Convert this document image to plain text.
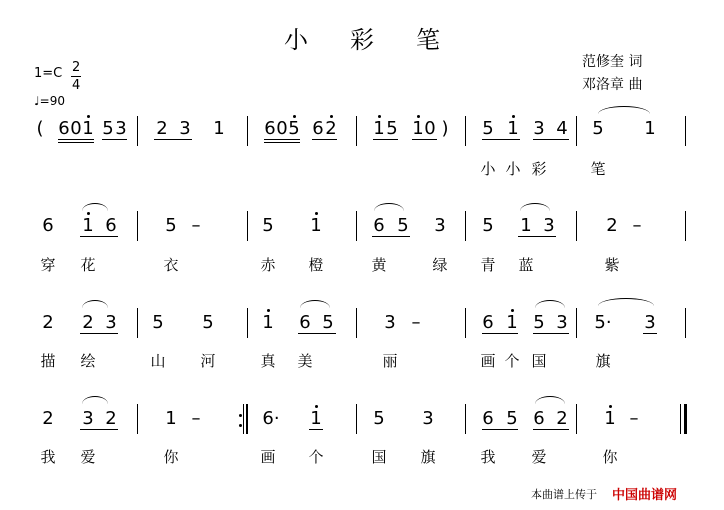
小彩笔
范修奎 词
邓洛章 曲
1=C 2
4
♩=90
( 6 0 1 5 3 2 3 1 6 0 5 6 2 1 5 1 0 ) 5 1 3 4 5 1
小 小 彩	笔
6 1 6	5 –	5 1	6 5 3 5 1 3	2 –
穿 花	衣	赤 橙	黄	绿 青 蓝	紫
2 2 3 5 5	1 6 5	3 –	6 1 5 3 5· 3
描 绘	山 河	真 美	丽	画 个 国	旗
2 3 2	1 –	6· 1	5 3	6 5 6 2 1 –
我 爱	你	画 个	国 旗	我 爱	你
本曲谱上传于 中国曲谱网
